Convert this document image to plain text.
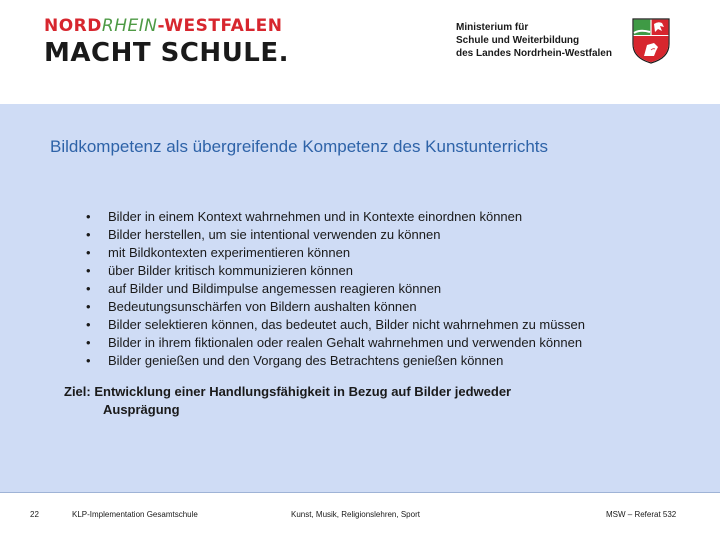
NORDRHEIN-WESTFALEN
MACHT SCHULE.
Ministerium für
Schule und Weiterbildung
des Landes Nordrhein-Westfalen
Bildkompetenz als übergreifende Kompetenz des Kunstunterrichts
• Bilder in einem Kontext wahrnehmen und in Kontexte einordnen können
• Bilder herstellen, um sie intentional verwenden zu können
• mit Bildkontexten experimentieren können
• über Bilder kritisch kommunizieren können
• auf Bilder und Bildimpulse angemessen reagieren können
• Bedeutungsunschärfen von Bildern aushalten können
• Bilder selektieren können, das bedeutet auch, Bilder nicht wahrnehmen zu müssen
• Bilder in ihrem fiktionalen oder realen Gehalt wahrnehmen und verwenden können
• Bilder genießen und den Vorgang des Betrachtens genießen können
Ziel: Entwicklung einer Handlungsfähigkeit in Bezug auf Bilder jedweder
Ausprägung
22	KLP-Implementation Gesamtschule	Kunst, Musik, Religionslehren, Sport	MSW – Referat 532
